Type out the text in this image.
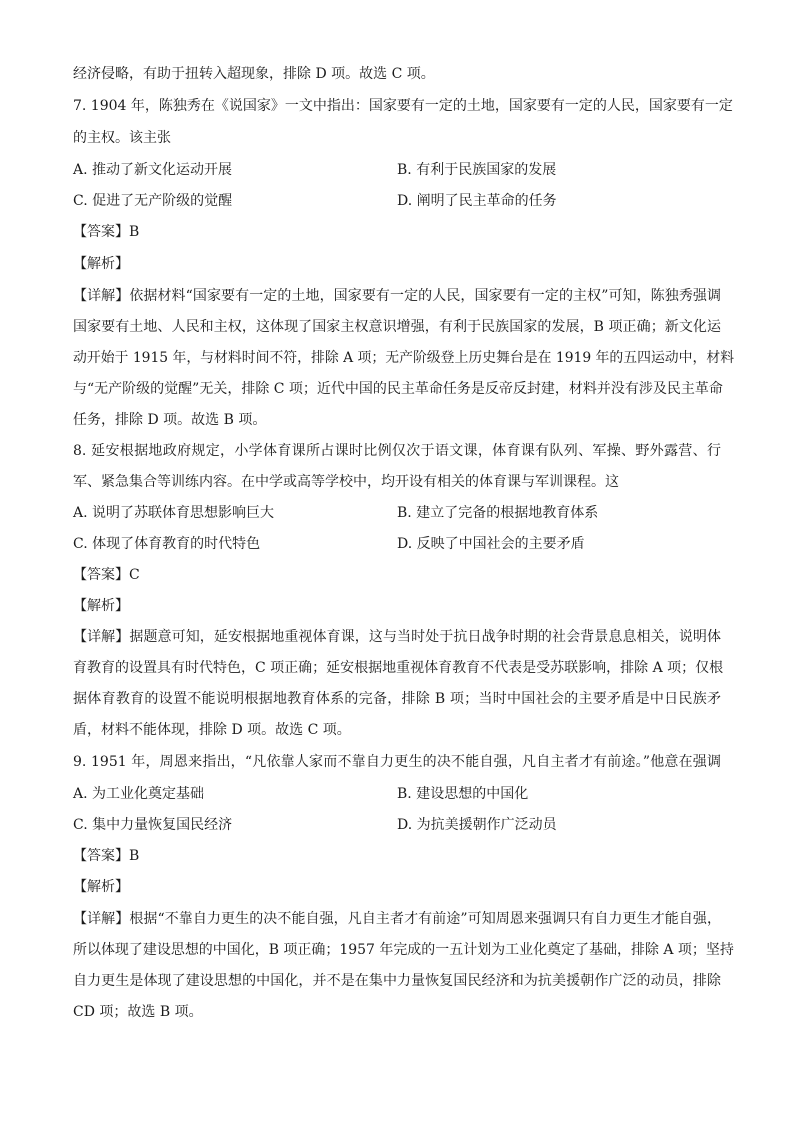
经济侵略，有助于扭转入超现象，排除 D 项。故选 C 项。
7. 1904 年，陈独秀在《说国家》一文中指出：国家要有一定的土地，国家要有一定的人民，国家要有一定
的主权。该主张
A. 推动了新文化运动开展	B. 有利于民族国家的发展
C. 促进了无产阶级的觉醒	D. 阐明了民主革命的任务
【答案】B
【解析】
【详解】依据材料“国家要有一定的土地，国家要有一定的人民，国家要有一定的主权”可知，陈独秀强调
国家要有土地、人民和主权，这体现了国家主权意识增强，有利于民族国家的发展，B 项正确；新文化运
动开始于 1915 年，与材料时间不符，排除 A 项；无产阶级登上历史舞台是在 1919 年的五四运动中，材料
与“无产阶级的觉醒”无关，排除 C 项；近代中国的民主革命任务是反帝反封建，材料并没有涉及民主革命
任务，排除 D 项。故选 B 项。
8. 延安根据地政府规定，小学体育课所占课时比例仅次于语文课，体育课有队列、军操、野外露营、行
军、紧急集合等训练内容。在中学或高等学校中，均开设有相关的体育课与军训课程。这
A. 说明了苏联体育思想影响巨大	B. 建立了完备的根据地教育体系
C. 体现了体育教育的时代特色	D. 反映了中国社会的主要矛盾
【答案】C
【解析】
【详解】据题意可知，延安根据地重视体育课，这与当时处于抗日战争时期的社会背景息息相关，说明体
育教育的设置具有时代特色，C 项正确；延安根据地重视体育教育不代表是受苏联影响，排除 A 项；仅根
据体育教育的设置不能说明根据地教育体系的完备，排除 B 项；当时中国社会的主要矛盾是中日民族矛
盾，材料不能体现，排除 D 项。故选 C 项。
9. 1951 年，周恩来指出，“凡依靠人家而不靠自力更生的决不能自强，凡自主者才有前途。”他意在强调
A. 为工业化奠定基础	B. 建设思想的中国化
C. 集中力量恢复国民经济	D. 为抗美援朝作广泛动员
【答案】B
【解析】
【详解】根据“不靠自力更生的决不能自强，凡自主者才有前途”可知周恩来强调只有自力更生才能自强，
所以体现了建设思想的中国化，B 项正确；1957 年完成的一五计划为工业化奠定了基础，排除 A 项；坚持
自力更生是体现了建设思想的中国化，并不是在集中力量恢复国民经济和为抗美援朝作广泛的动员，排除
CD 项；故选 B 项。
